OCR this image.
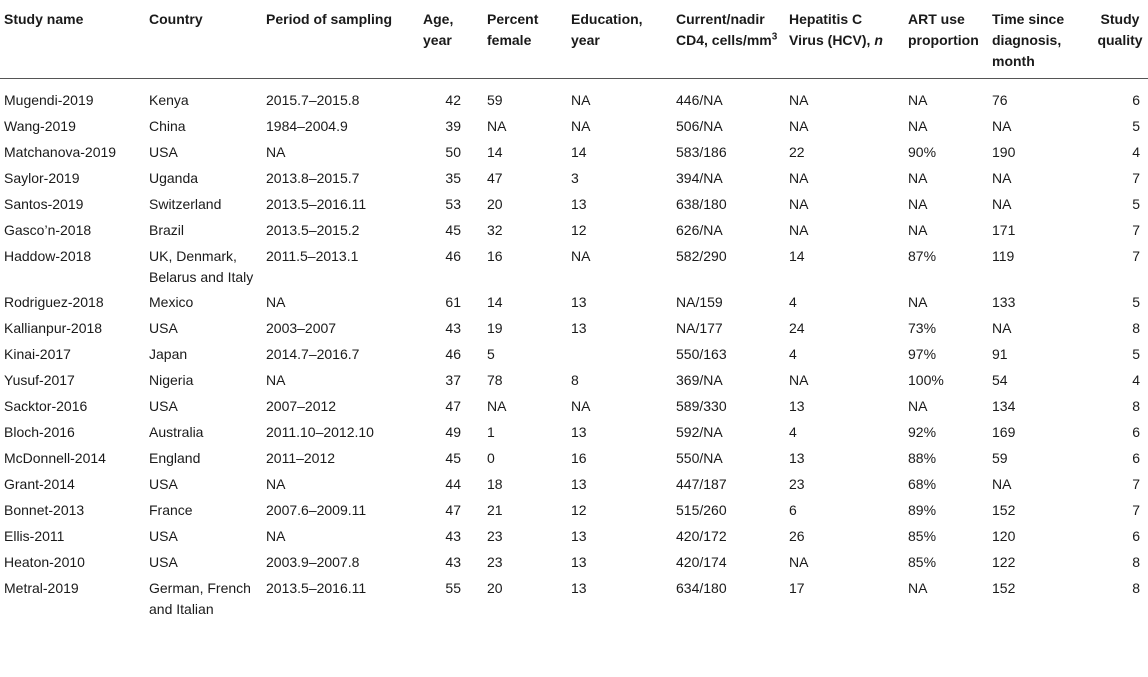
Study name	Country	Period of sampling	Age, year	Percent female	Education, year	Current/nadir CD4, cells/$mm^3$	Hepatitis C Virus (HCV), n	ART use proportion	Time since diagnosis, month	Study quality
Mugendi-2019	Kenya	2015.7–2015.8	42	59	NA	446/NA	NA	NA	76	6
Wang-2019	China	1984–2004.9	39	NA	NA	506/NA	NA	NA	NA	5
Matchanova-2019	USA	NA	50	14	14	583/186	22	90%	190	4
Saylor-2019	Uganda	2013.8–2015.7	35	47	3	394/NA	NA	NA	NA	7
Santos-2019	Switzerland	2013.5–2016.11	53	20	13	638/180	NA	NA	NA	5
Gasco’n-2018	Brazil	2013.5–2015.2	45	32	12	626/NA	NA	NA	171	7
Haddow-2018	UK, Denmark, Belarus and Italy	2011.5–2013.1	46	16	NA	582/290	14	87%	119	7
Rodriguez-2018	Mexico	NA	61	14	13	NA/159	4	NA	133	5
Kallianpur-2018	USA	2003–2007	43	19	13	NA/177	24	73%	NA	8
Kinai-2017	Japan	2014.7–2016.7	46	5		550/163	4	97%	91	5
Yusuf-2017	Nigeria	NA	37	78	8	369/NA	NA	100%	54	4
Sacktor-2016	USA	2007–2012	47	NA	NA	589/330	13	NA	134	8
Bloch-2016	Australia	2011.10–2012.10	49	1	13	592/NA	4	92%	169	6
McDonnell-2014	England	2011–2012	45	0	16	550/NA	13	88%	59	6
Grant-2014	USA	NA	44	18	13	447/187	23	68%	NA	7
Bonnet-2013	France	2007.6–2009.11	47	21	12	515/260	6	89%	152	7
Ellis-2011	USA	NA	43	23	13	420/172	26	85%	120	6
Heaton-2010	USA	2003.9–2007.8	43	23	13	420/174	NA	85%	122	8
Metral-2019	German, French and Italian	2013.5–2016.11	55	20	13	634/180	17	NA	152	8
